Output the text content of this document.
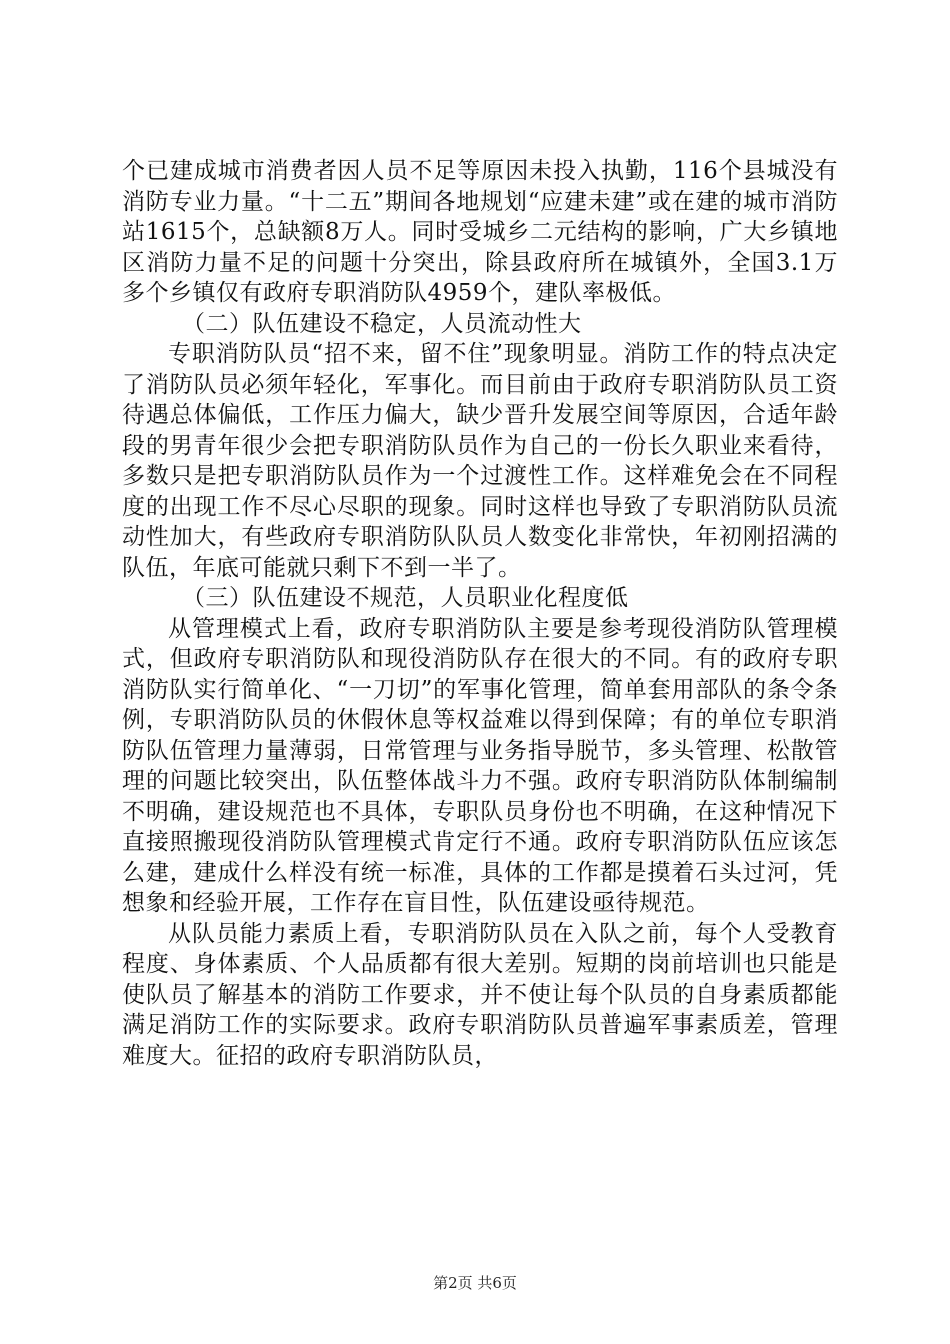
个已建成城市消费者因人员不足等原因未投入执勤，116个县城没有消防专业力量。“十二五”期间各地规划“应建未建”或在建的城市消防站1615个，总缺额8万人。同时受城乡二元结构的影响，广大乡镇地区消防力量不足的问题十分突出，除县政府所在城镇外，全国3.1万多个乡镇仅有政府专职消防队4959个，建队率极低。

（二）队伍建设不稳定，人员流动性大

专职消防队员“招不来，留不住”现象明显。消防工作的特点决定了消防队员必须年轻化，军事化。而目前由于政府专职消防队员工资待遇总体偏低，工作压力偏大，缺少晋升发展空间等原因，合适年龄段的男青年很少会把专职消防队员作为自己的一份长久职业来看待，多数只是把专职消防队员作为一个过渡性工作。这样难免会在不同程度的出现工作不尽心尽职的现象。同时这样也导致了专职消防队员流动性加大，有些政府专职消防队队员人数变化非常快，年初刚招满的队伍，年底可能就只剩下不到一半了。

（三）队伍建设不规范，人员职业化程度低

从管理模式上看，政府专职消防队主要是参考现役消防队管理模式，但政府专职消防队和现役消防队存在很大的不同。有的政府专职消防队实行简单化、“一刀切”的军事化管理，简单套用部队的条令条例，专职消防队员的休假休息等权益难以得到保障；有的单位专职消防队伍管理力量薄弱，日常管理与业务指导脱节，多头管理、松散管理的问题比较突出，队伍整体战斗力不强。政府专职消防队体制编制不明确，建设规范也不具体，专职队员身份也不明确，在这种情况下直接照搬现役消防队管理模式肯定行不通。政府专职消防队伍应该怎么建，建成什么样没有统一标准，具体的工作都是摸着石头过河，凭想象和经验开展，工作存在盲目性，队伍建设亟待规范。

从队员能力素质上看，专职消防队员在入队之前，每个人受教育程度、身体素质、个人品质都有很大差别。短期的岗前培训也只能是使队员了解基本的消防工作要求，并不使让每个队员的自身素质都能满足消防工作的实际要求。政府专职消防队员普遍军事素质差，管理难度大。征招的政府专职消防队员，

第2页 共6页
